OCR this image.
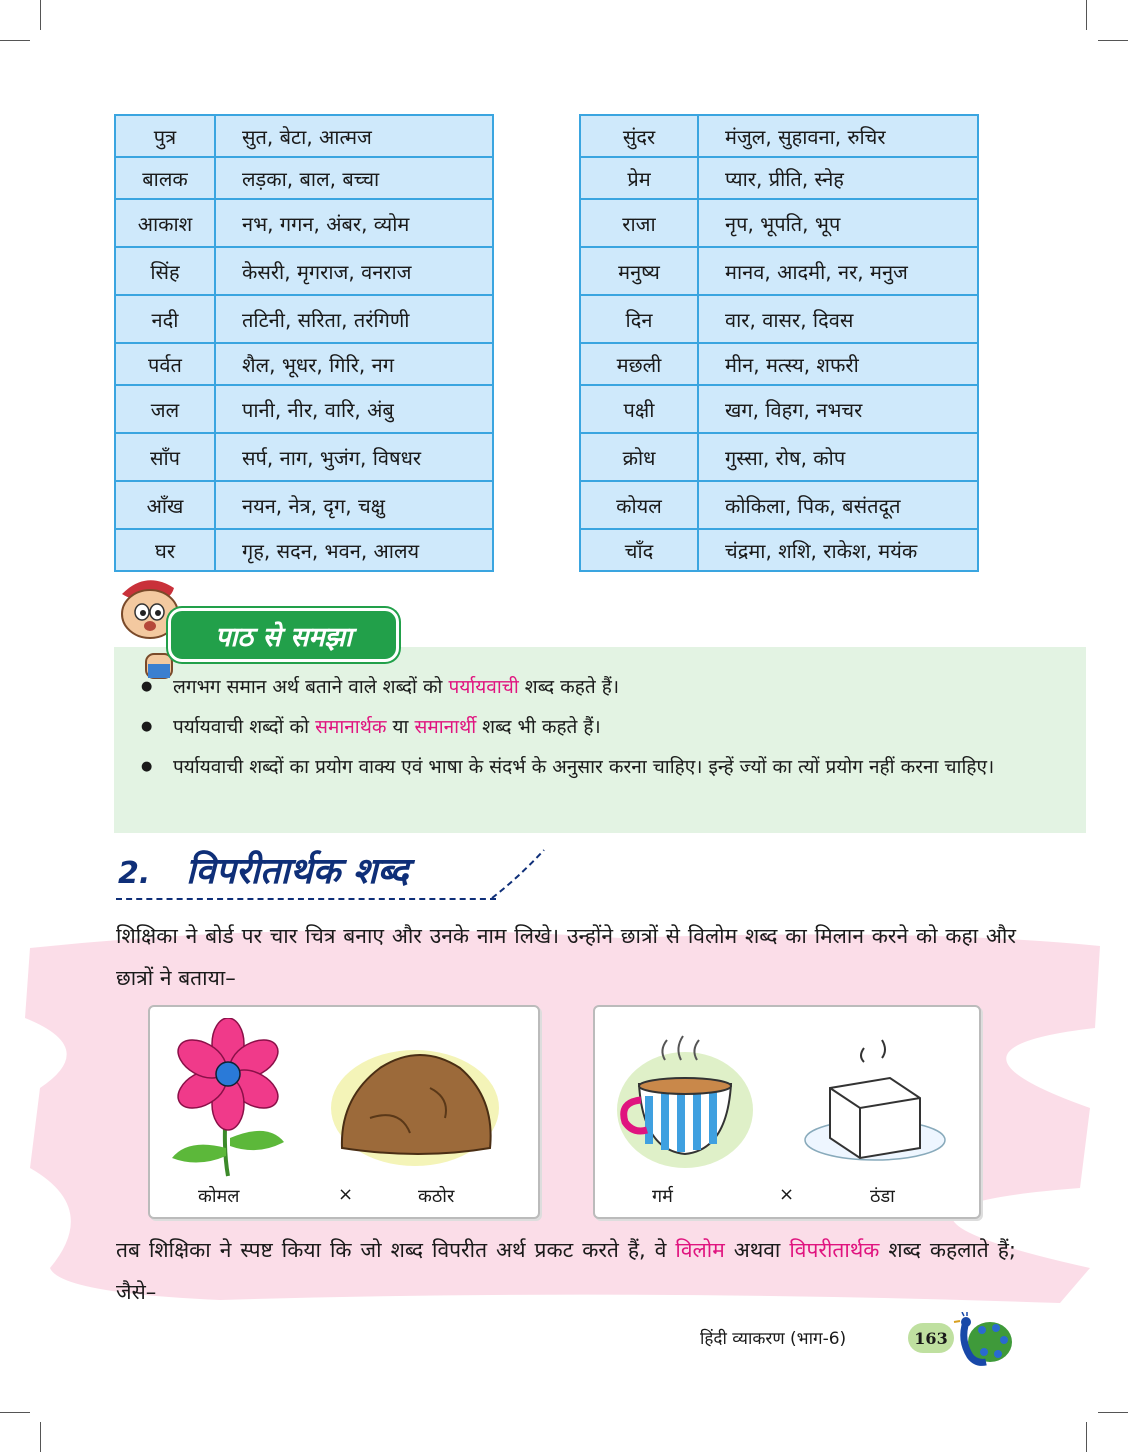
पुत्र	सुत, बेटा, आत्मज
बालक	लड़का, बाल, बच्चा
आकाश	नभ, गगन, अंबर, व्योम
सिंह	केसरी, मृगराज, वनराज
नदी	तटिनी, सरिता, तरंगिणी
पर्वत	शैल, भूधर, गिरि, नग
जल	पानी, नीर, वारि, अंबु
साँप	सर्प, नाग, भुजंग, विषधर
आँख	नयन, नेत्र, दृग, चक्षु
घर	गृह, सदन, भवन, आलय
सुंदर	मंजुल, सुहावना, रुचिर
प्रेम	प्यार, प्रीति, स्नेह
राजा	नृप, भूपति, भूप
मनुष्य	मानव, आदमी, नर, मनुज
दिन	वार, वासर, दिवस
मछली	मीन, मत्स्य, शफरी
पक्षी	खग, विहग, नभचर
क्रोध	गुस्सा, रोष, कोप
कोयल	कोकिला, पिक, बसंतदूत
चाँद	चंद्रमा, शशि, राकेश, मयंक
पाठ से समझा
● लगभग समान अर्थ बताने वाले शब्दों को पर्यायवाची शब्द कहते हैं।
● पर्यायवाची शब्दों को समानार्थक या समानार्थी शब्द भी कहते हैं।
● पर्यायवाची शब्दों का प्रयोग वाक्य एवं भाषा के संदर्भ के अनुसार करना चाहिए। इन्हें ज्यों का त्यों प्रयोग नहीं करना चाहिए।
2. विपरीतार्थक शब्द
शिक्षिका ने बोर्ड पर चार चित्र बनाए और उनके नाम लिखे। उन्होंने छात्रों से विलोम शब्द का मिलान करने को कहा और छात्रों ने बताया–
कोमल	×	कठोर	गर्म	×	ठंडा
तब शिक्षिका ने स्पष्ट किया कि जो शब्द विपरीत अर्थ प्रकट करते हैं, वे विलोम अथवा विपरीतार्थक शब्द कहलाते हैं; जैसे–
हिंदी व्याकरण (भाग-6)	163
